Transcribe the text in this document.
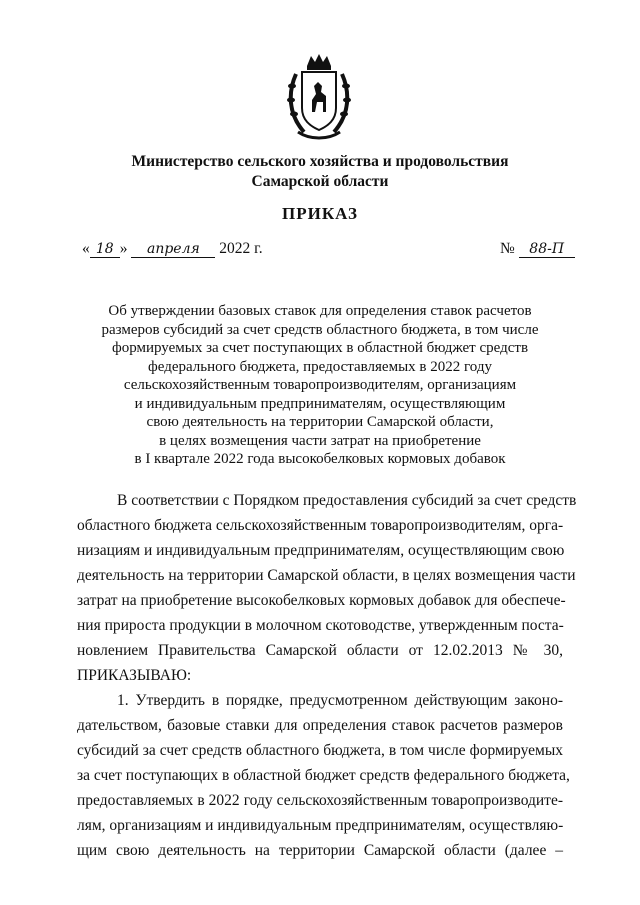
Министерство сельского хозяйства и продовольствия
Самарской области
ПРИКАЗ
« 18 » апреля 2022 г.	№ 88-П
Об утверждении базовых ставок для определения ставок расчетов
размеров субсидий за счет средств областного бюджета, в том числе
формируемых за счет поступающих в областной бюджет средств
федерального бюджета, предоставляемых в 2022 году
сельскохозяйственным товаропроизводителям, организациям
и индивидуальным предпринимателям, осуществляющим
свою деятельность на территории Самарской области,
в целях возмещения части затрат на приобретение
в I квартале 2022 года высокобелковых кормовых добавок
В соответствии с Порядком предоставления субсидий за счет средств
областного бюджета сельскохозяйственным товаропроизводителям, орга-
низациям и индивидуальным предпринимателям, осуществляющим свою
деятельность на территории Самарской области, в целях возмещения части
затрат на приобретение высокобелковых кормовых добавок для обеспече-
ния прироста продукции в молочном скотоводстве, утвержденным поста-
новлением Правительства Самарской области от 12.02.2013 № 30,
ПРИКАЗЫВАЮ:
1. Утвердить в порядке, предусмотренном действующим законо-
дательством, базовые ставки для определения ставок расчетов размеров
субсидий за счет средств областного бюджета, в том числе формируемых
за счет поступающих в областной бюджет средств федерального бюджета,
предоставляемых в 2022 году сельскохозяйственным товаропроизводите-
лям, организациям и индивидуальным предпринимателям, осуществляю-
щим свою деятельность на территории Самарской области (далее –
